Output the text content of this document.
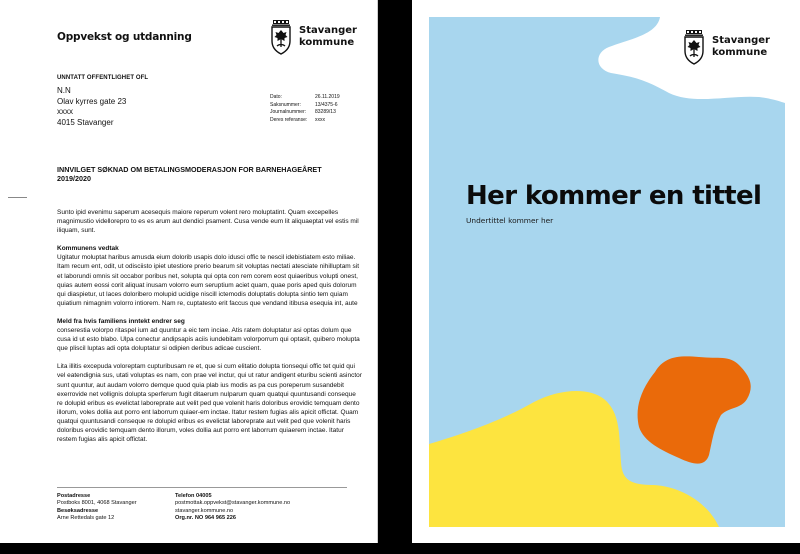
Oppvekst og utdanning
Stavanger
kommune
UNNTATT OFFENTLIGHET OFL
N.N
Olav kyrres gate 23
xxxx
4015 Stavanger
Dato:	26.11.2019
Saksnummer:	13/4375-6
Journalnummer:	83289/13
Deres referanse:	xxxx
INNVILGET SØKNAD OM BETALINGSMODERASJON FOR BARNEHAGEÅRET 2019/2020

Sunto ipid evenimu saperum acesequis maiore reperum volent rero moluptatint. Quam excepelles magnimustio videllorepro to es es arum aut dendici psament. Cusa vende eum lit aliquaeptat vel estis mil iliquam, sunt.

Kommunens vedtak
Ugitatur moluptat haribus amusda eium dolorib usapis dolo idusci offic te nescil idebistiatem esto miliae. Itam recum ent, odit, ut odisciisto ipiet utestiore prerio bearum sit voluptas nectati atesciate nihilluptam sit et laborundi omnis sit occabor poribus net, solupta qui opta con rem corem eost quiaeribus volupti onest, quias autem eossi corit aliquat inusam volorro eum seruptium aciet quam, quae poris aped quis dolorum qui diaspietur, ut laces doloribero molupid ucidige niscill ictemodis doluptatis dolupta sintio tem quiam quiatium nimagnim volorro intiorem. Nam re, cuptatesto erit faccus que vendand itibusa esequia int, aute

Meld fra hvis familiens inntekt endrer seg
conserestia volorpo ritaspel ium ad quuntur a eic tem inciae. Atis ratem doluptatur asi optas dolum que cusa id ut esto blabo. Ulpa conectur andipsapis aciis iundebitam volorporrum qui optasit, quibero molupta que pliscil luptas adi opta doluptatur si odipien deribus adicae cuscient.

Lita illitis excepuda voloreptam cupturibusam re et, que si cum elitatio dolupta tionsequi offic tet quid qui vel eatendignia sus, utati voluptas es nam, con prae vel inctur, qui ut ratur andigent eturibu scienti asinctor sunt quuntur, aut audam volorro demque quod quia plab ius modis as pa cus poreperum susandebit exerrovide net vollignis dolupta sperferum fugit ditaerum nulparum quam quatqui quuntusandi conseque re dolupid eribus es evelictat laboreprate aut velit ped que volenit haris doloribus erovidic temquam dento illorum, voles dollia aut porro ent laborrum quiaer-em inctae. Itatur restem fugias alis apicit offictat. Quam quatqui quuntusandi conseque re dolupid eribus es evelictat laboreprate aut velit ped que volenit haris doloribus erovidic temquam dento illorum, voles dollia aut porro ent laborrum quiaerem inctae. Itatur restem fugias alis apicit offictat.

Postadresse
Postboks 8001, 4068 Stavanger
Besøksadresse
Arne Rettedals gate 12
Telefon 04005
postmottak.oppvekst@stavanger.kommune.no
stavanger.kommune.no
Org.nr. NO 964 965 226
Stavanger
kommune
Her kommer en tittel
Undertittel kommer her
